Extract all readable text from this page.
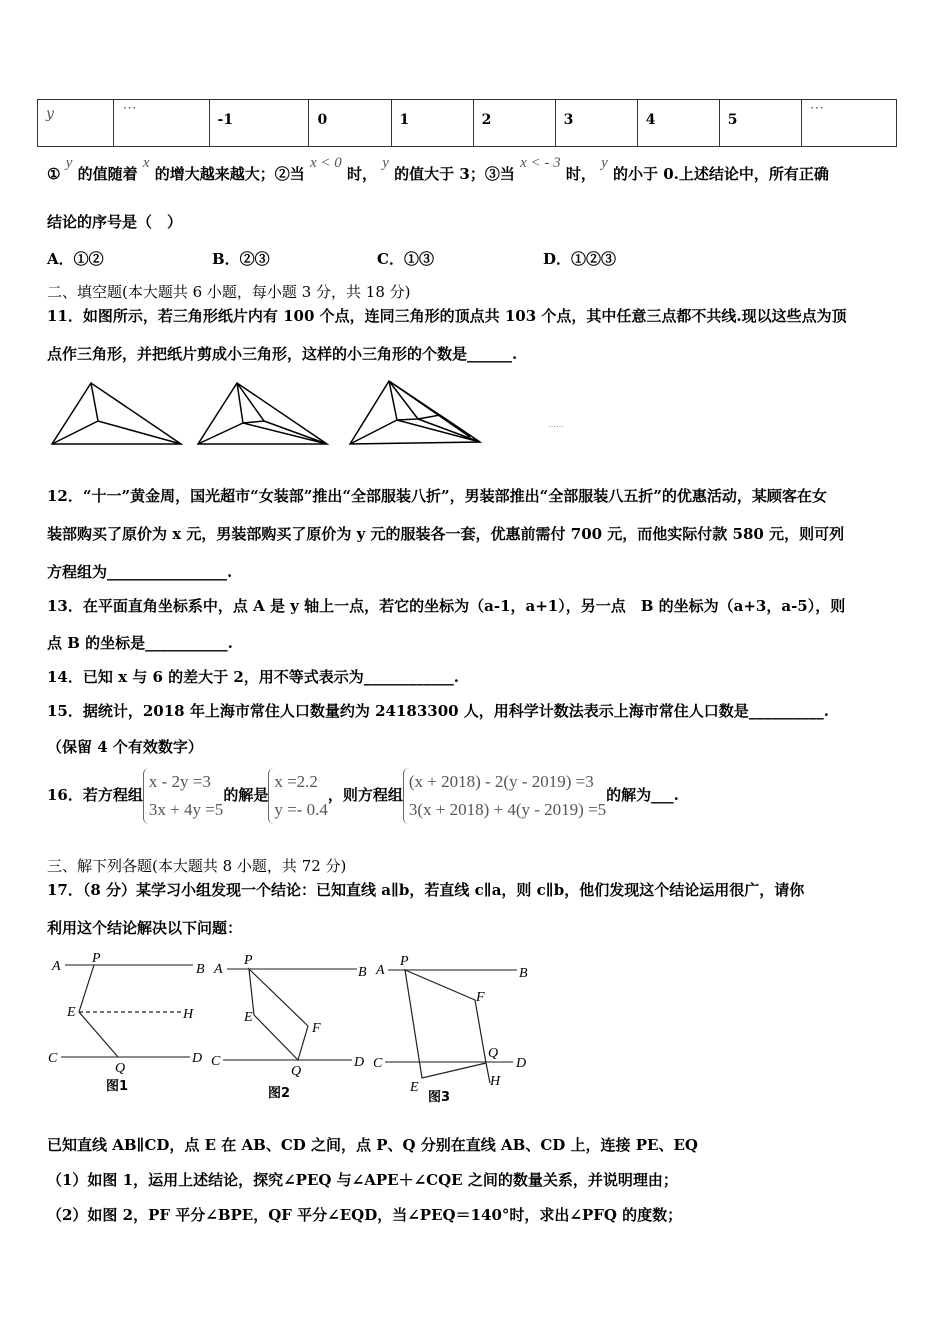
y	⋯	-1	0	1	2	3	4	5	⋯
① y 的值随着 x 的增大越来越大；②当 x < 0 时， y 的值大于 3；③当 x < - 3 时， y 的小于 0.上述结论中，所有正确
结论的序号是（　）
A．①②	B．②③	C．①③	D．①②③
二、填空题(本大题共 6 小题，每小题 3 分，共 18 分)
11．如图所示，若三角形纸片内有 100 个点，连同三角形的顶点共 103 个点，其中任意三点都不共线.现以这些点为顶
点作三角形，并把纸片剪成小三角形，这样的小三角形的个数是______.
……
12．“十一”黄金周，国光超市“女装部”推出“全部服装八折”，男装部推出“全部服装八五折”的优惠活动，某顾客在女
装部购买了原价为 x 元，男装部购买了原价为 y 元的服装各一套，优惠前需付 700 元，而他实际付款 580 元，则可列
方程组为________________.
13．在平面直角坐标系中，点 A 是 y 轴上一点，若它的坐标为（a-1，a+1），另一点　B 的坐标为（a+3，a-5），则
点 B 的坐标是___________.
14．已知 x 与 6 的差大于 2，用不等式表示为____________.
15．据统计，2018 年上海市常住人口数量约为 24183300 人，用科学计数法表示上海市常住人口数是__________.
（保留 4 个有效数字）
16．若方程组
x - 2y =3
3x + 4y =5
的解是
x =2.2
y =- 0.4
，则方程组
(x + 2018) - 2(y - 2019) =3
3(x + 2018) + 4(y - 2019) =5
的解为___.
三、解下列各题(本大题共 8 小题，共 72 分)
17．（8 分）某学习小组发现一个结论：已知直线 a∥b，若直线 c∥a，则 c∥b，他们发现这个结论运用很广，请你
利用这个结论解决以下问题：
A	B
C	D
P
Q
E	H
A	B
C	D
P
Q
E
F
A	B
C	D
P
Q
E
F
H
图1	图2	图3
已知直线 AB∥CD，点 E 在 AB、CD 之间，点 P、Q 分别在直线 AB、CD 上，连接 PE、EQ
（1）如图 1，运用上述结论，探究∠PEQ 与∠APE＋∠CQE 之间的数量关系，并说明理由；
（2）如图 2，PF 平分∠BPE，QF 平分∠EQD，当∠PEQ＝140°时，求出∠PFQ 的度数；
